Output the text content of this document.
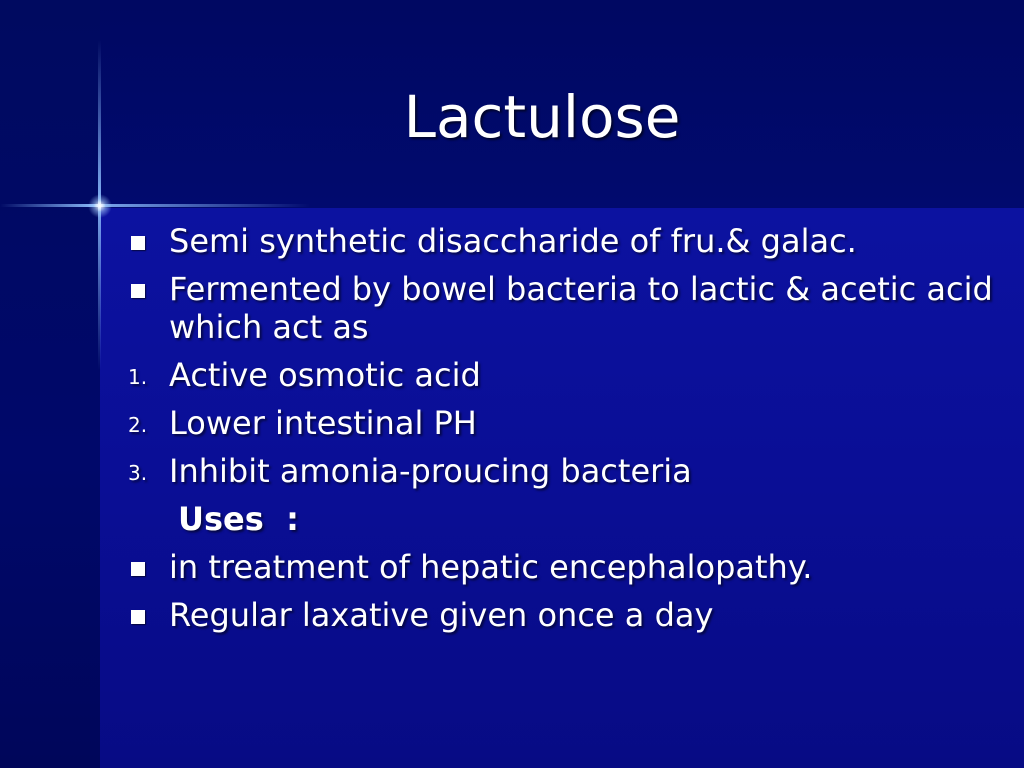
Lactulose
Semi synthetic disaccharide of fru.& galac.
Fermented by bowel bacteria to lactic & acetic acid which act as
1. Active osmotic acid
2. Lower intestinal PH
3. Inhibit amonia-proucing bacteria
Uses  :
in treatment of hepatic encephalopathy.
Regular laxative given once a day
